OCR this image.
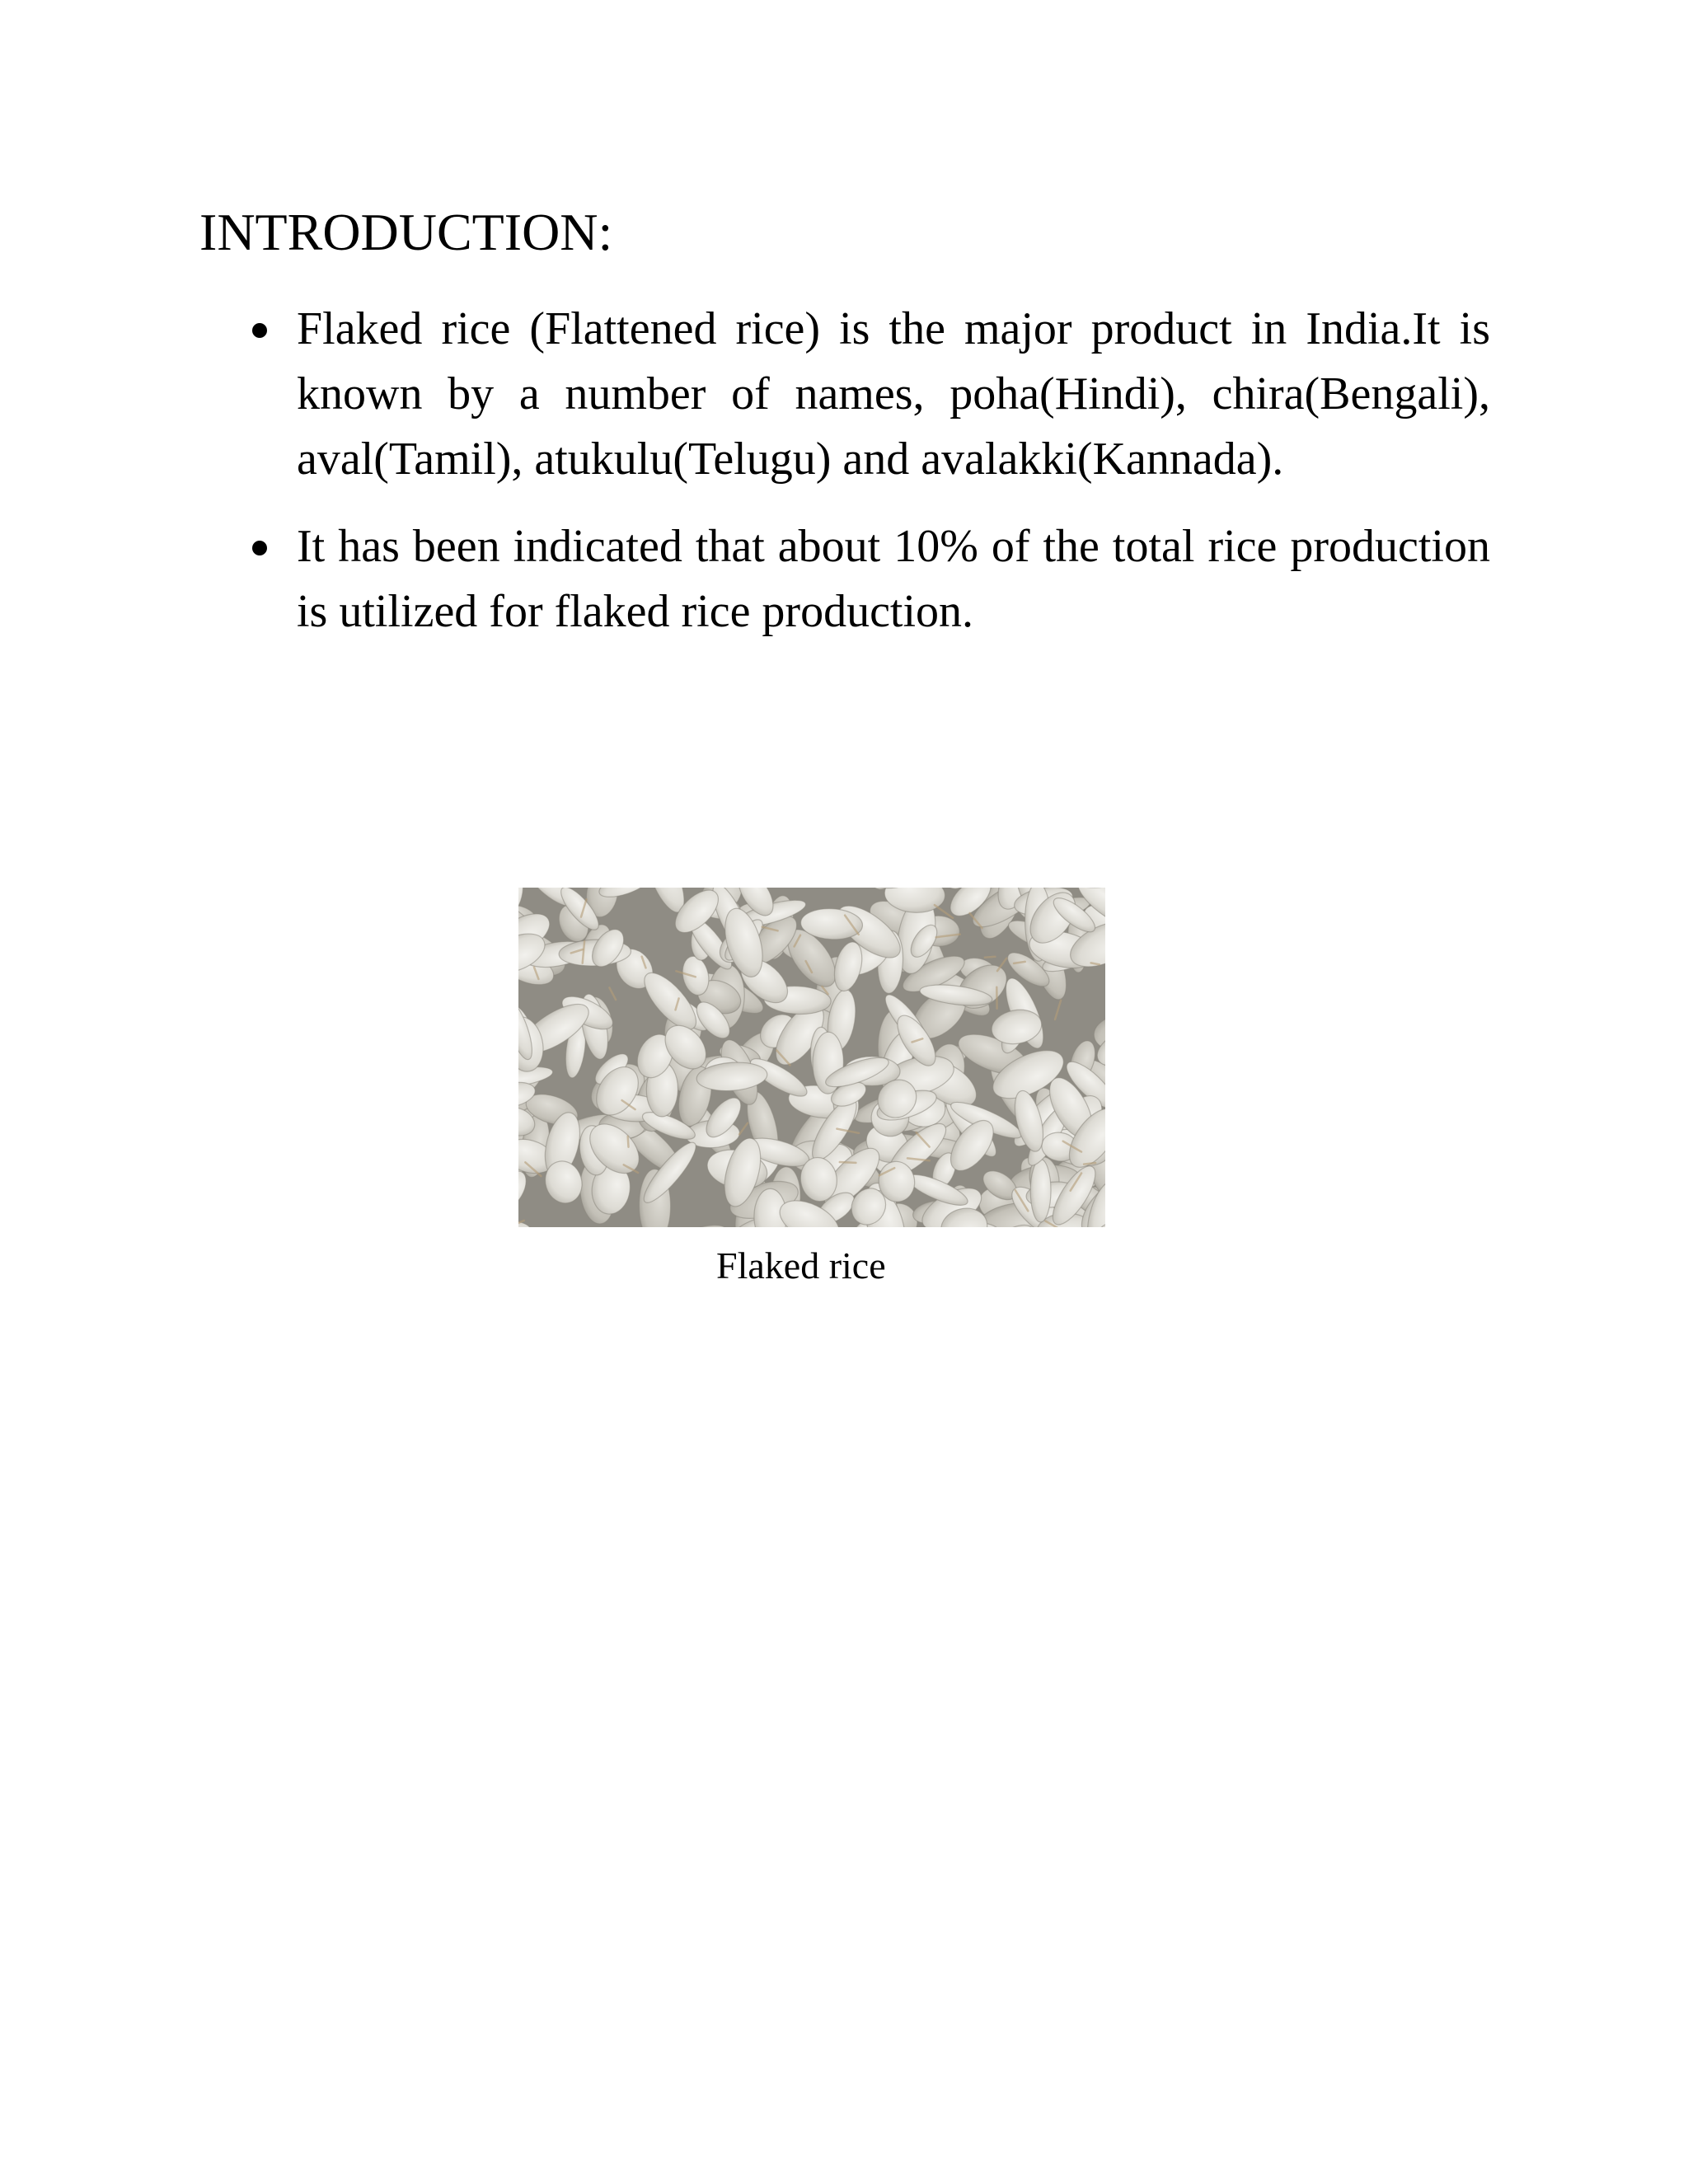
INTRODUCTION:
Flaked rice (Flattened rice) is the major product in India.It is known by a number of names, poha(Hindi), chira(Bengali), aval(Tamil), atukulu(Telugu) and avalakki(Kannada).
It has been indicated that about 10% of the total rice production is utilized for flaked rice production.

Flaked rice
